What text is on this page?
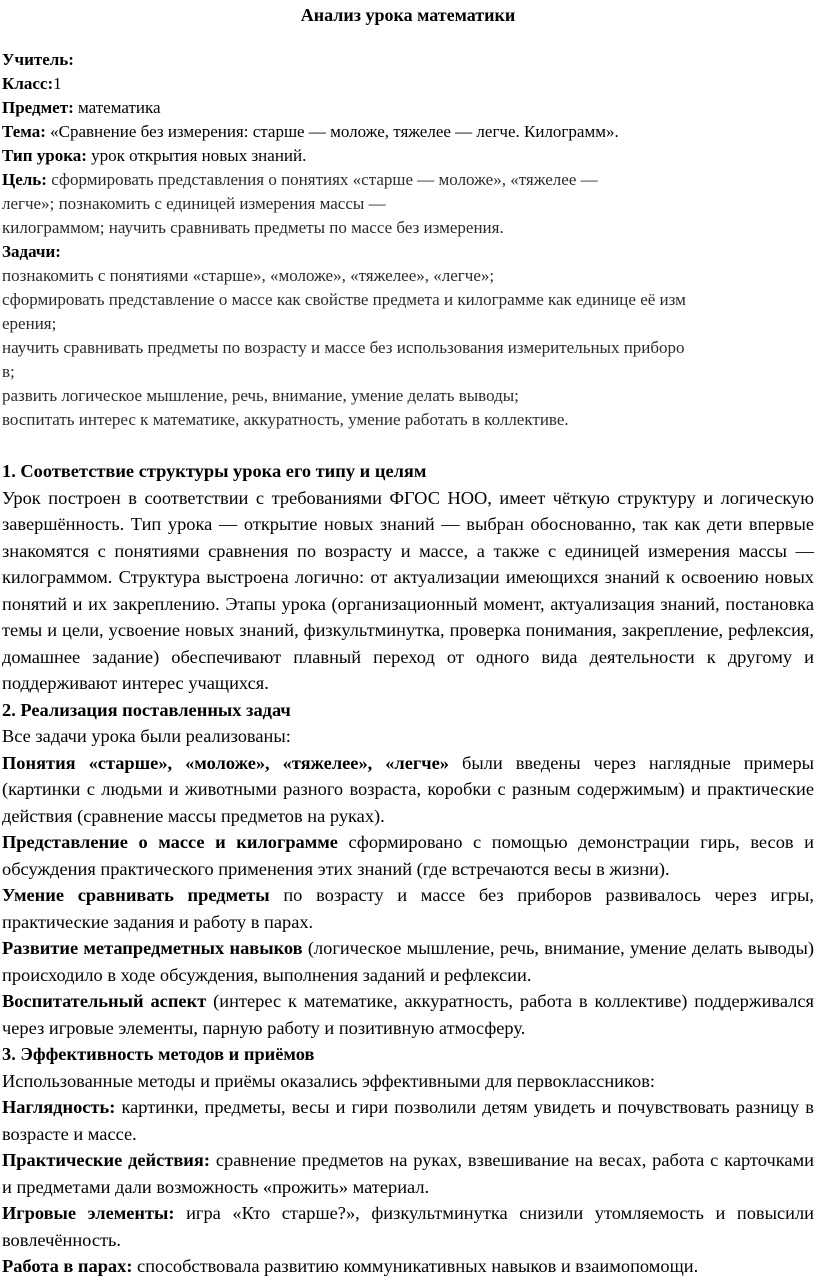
Анализ урока математики
Учитель:
Класс:1
Предмет: математика
Тема: «Сравнение без измерения: старше — моложе, тяжелее — легче. Килограмм».
Тип урока: урок открытия новых знаний.
Цель: сформировать представления о понятиях «старше — моложе», «тяжелее —
легче»; познакомить с единицей измерения массы —
килограммом; научить сравнивать предметы по массе без измерения.
Задачи:
познакомить с понятиями «старше», «моложе», «тяжелее», «легче»;
сформировать представление о массе как свойстве предмета и килограмме как единице её изм
ерения;
научить сравнивать предметы по возрасту и массе без использования измерительных приборо
в;
развить логическое мышление, речь, внимание, умение делать выводы;
воспитать интерес к математике, аккуратность, умение работать в коллективе.

1. Соответствие структуры урока его типу и целям

Урок построен в соответствии с требованиями ФГОС НОО, имеет чёткую структуру и логическую завершённость. Тип урока — открытие новых знаний — выбран обоснованно, так как дети впервые знакомятся с понятиями сравнения по возрасту и массе, а также с единицей измерения массы — килограммом. Структура выстроена логично: от актуализации имеющихся знаний к освоению новых понятий и их закреплению. Этапы урока (организационный момент, актуализация знаний, постановка темы и цели, усвоение новых знаний, физкультминутка, проверка понимания, закрепление, рефлексия, домашнее задание) обеспечивают плавный переход от одного вида деятельности к другому и поддерживают интерес учащихся.

2. Реализация поставленных задач

Все задачи урока были реализованы:

Понятия «старше», «моложе», «тяжелее», «легче» были введены через наглядные примеры (картинки с людьми и животными разного возраста, коробки с разным содержимым) и практические действия (сравнение массы предметов на руках).

Представление о массе и килограмме сформировано с помощью демонстрации гирь, весов и обсуждения практического применения этих знаний (где встречаются весы в жизни).

Умение сравнивать предметы по возрасту и массе без приборов развивалось через игры, практические задания и работу в парах.

Развитие метапредметных навыков (логическое мышление, речь, внимание, умение делать выводы) происходило в ходе обсуждения, выполнения заданий и рефлексии.

Воспитательный аспект (интерес к математике, аккуратность, работа в коллективе) поддерживался через игровые элементы, парную работу и позитивную атмосферу.

3. Эффективность методов и приёмов

Использованные методы и приёмы оказались эффективными для первоклассников:

Наглядность: картинки, предметы, весы и гири позволили детям увидеть и почувствовать разницу в возрасте и массе.

Практические действия: сравнение предметов на руках, взвешивание на весах, работа с карточками и предметами дали возможность «прожить» материал.

Игровые элементы: игра «Кто старше?», физкультминутка снизили утомляемость и повысили вовлечённость.

Работа в парах: способствовала развитию коммуникативных навыков и взаимопомощи.
